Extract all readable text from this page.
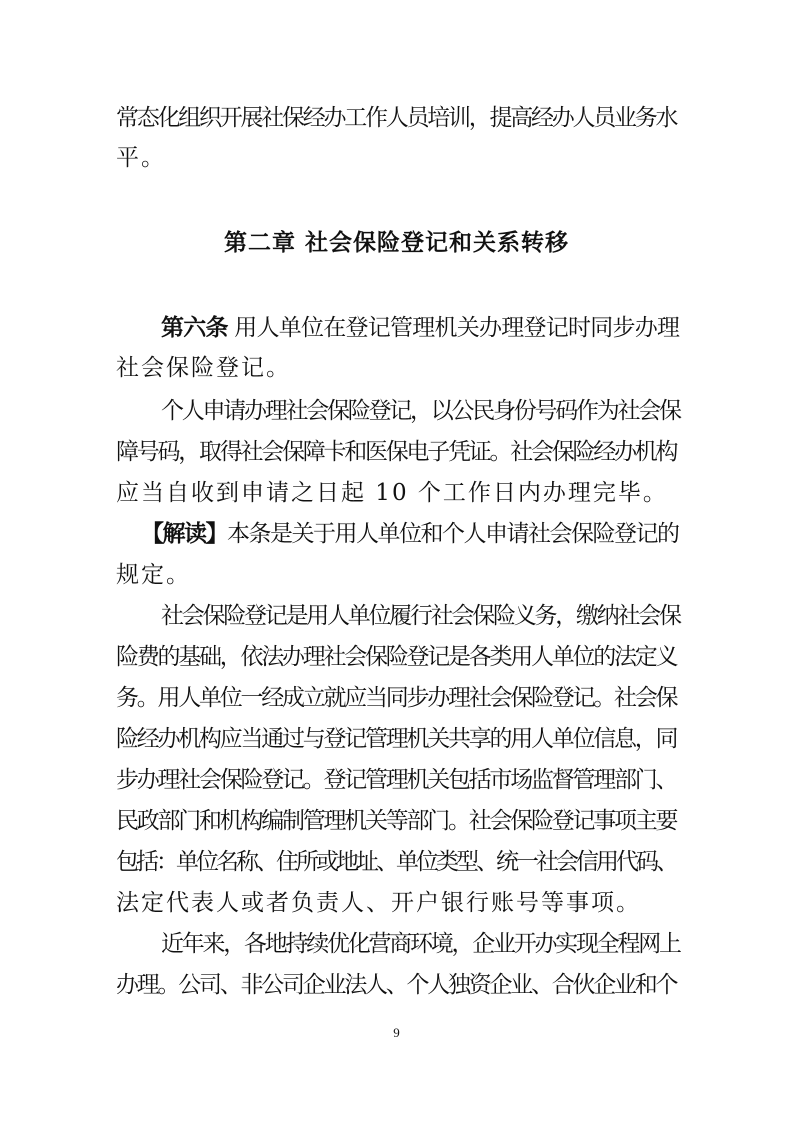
常态化组织开展社保经办工作人员培训，提高经办人员业务水
平。
第二章 社会保险登记和关系转移
第六条 用人单位在登记管理机关办理登记时同步办理
社会保险登记。
个人申请办理社会保险登记，以公民身份号码作为社会保
障号码，取得社会保障卡和医保电子凭证。社会保险经办机构
应当自收到申请之日起 10 个工作日内办理完毕。
【解读】本条是关于用人单位和个人申请社会保险登记的
规定。
社会保险登记是用人单位履行社会保险义务，缴纳社会保
险费的基础，依法办理社会保险登记是各类用人单位的法定义
务。用人单位一经成立就应当同步办理社会保险登记。社会保
险经办机构应当通过与登记管理机关共享的用人单位信息，同
步办理社会保险登记。登记管理机关包括市场监督管理部门、
民政部门和机构编制管理机关等部门。社会保险登记事项主要
包括：单位名称、住所或地址、单位类型、统一社会信用代码、
法定代表人或者负责人、开户银行账号等事项。
近年来，各地持续优化营商环境，企业开办实现全程网上
办理。公司、非公司企业法人、个人独资企业、合伙企业和个
9
